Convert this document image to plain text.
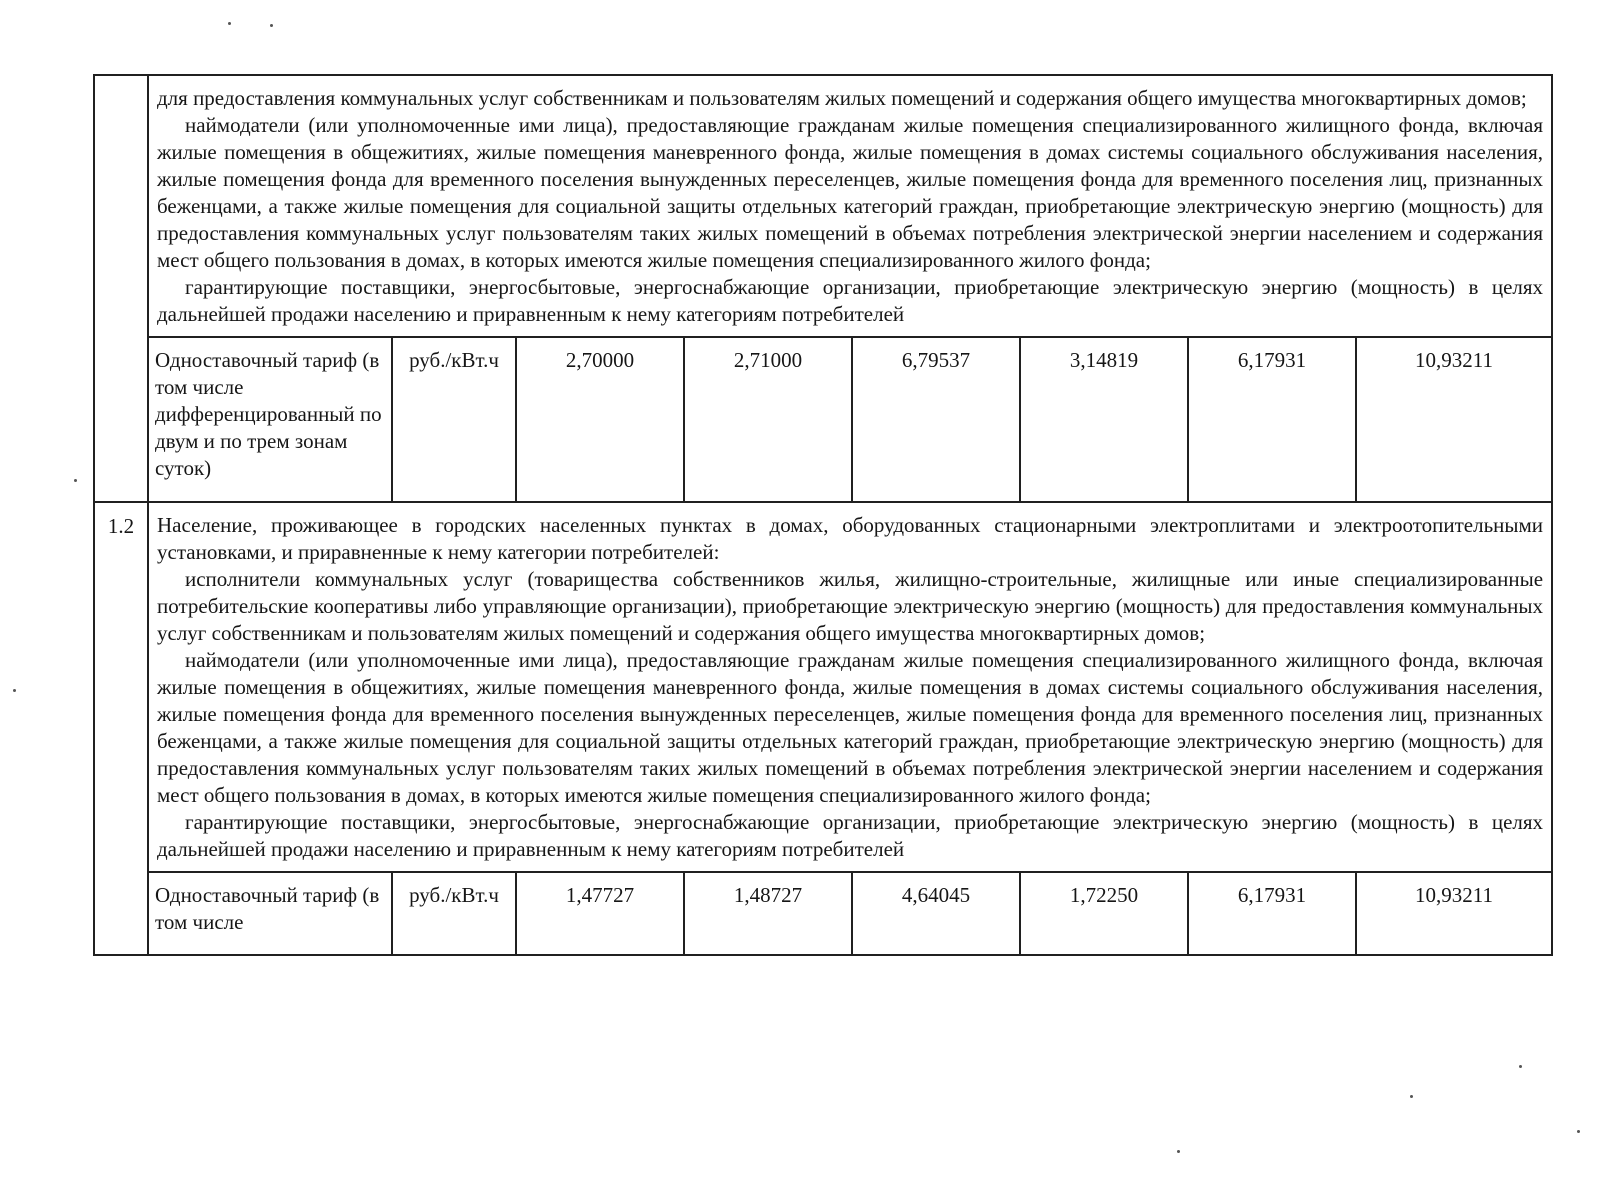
	для предоставления коммунальных услуг собственникам и пользователям жилых помещений и содержания общего имущества многоквартирных домов;

наймодатели (или уполномоченные ими лица), предоставляющие гражданам жилые помещения специализированного жилищного фонда, включая жилые помещения в общежитиях, жилые помещения маневренного фонда, жилые помещения в домах системы социального обслуживания населения, жилые помещения фонда для временного поселения вынужденных переселенцев, жилые помещения фонда для временного поселения лиц, признанных беженцами, а также жилые помещения для социальной защиты отдельных категорий граждан, приобретающие электрическую энергию (мощность) для предоставления коммунальных услуг пользователям таких жилых помещений в объемах потребления электрической энергии населением и содержания мест общего пользования в домах, в которых имеются жилые помещения специализированного жилого фонда;

гарантирующие поставщики, энергосбытовые, энергоснабжающие организации, приобретающие электрическую энергию (мощность) в целях дальнейшей продажи населению и приравненным к нему категориям потребителей							

	Одноставочный тариф (в том числе дифференцированный по двум и по трем зонам суток)	руб./кВт.ч	2,70000	2,71000	6,79537	3,14819	6,17931	10,93211
1.2	Население, проживающее в городских населенных пунктах в домах, оборудованных стационарными электроплитами и электроотопительными установками, и приравненные к нему категории потребителей:

исполнители коммунальных услуг (товарищества собственников жилья, жилищно-строительные, жилищные или иные специализированные потребительские кооперативы либо управляющие организации), приобретающие электрическую энергию (мощность) для предоставления коммунальных услуг собственникам и пользователям жилых помещений и содержания общего имущества многоквартирных домов;

наймодатели (или уполномоченные ими лица), предоставляющие гражданам жилые помещения специализированного жилищного фонда, включая жилые помещения в общежитиях, жилые помещения маневренного фонда, жилые помещения в домах системы социального обслуживания населения, жилые помещения фонда для временного поселения вынужденных переселенцев, жилые помещения фонда для временного поселения лиц, признанных беженцами, а также жилые помещения для социальной защиты отдельных категорий граждан, приобретающие электрическую энергию (мощность) для предоставления коммунальных услуг пользователям таких жилых помещений в объемах потребления электрической энергии населением и содержания мест общего пользования в домах, в которых имеются жилые помещения специализированного жилого фонда;

гарантирующие поставщики, энергосбытовые, энергоснабжающие организации, приобретающие электрическую энергию (мощность) в целях дальнейшей продажи населению и приравненным к нему категориям потребителей							

	Одноставочный тариф (в том числе	руб./кВт.ч	1,47727	1,48727	4,64045	1,72250	6,17931	10,93211
